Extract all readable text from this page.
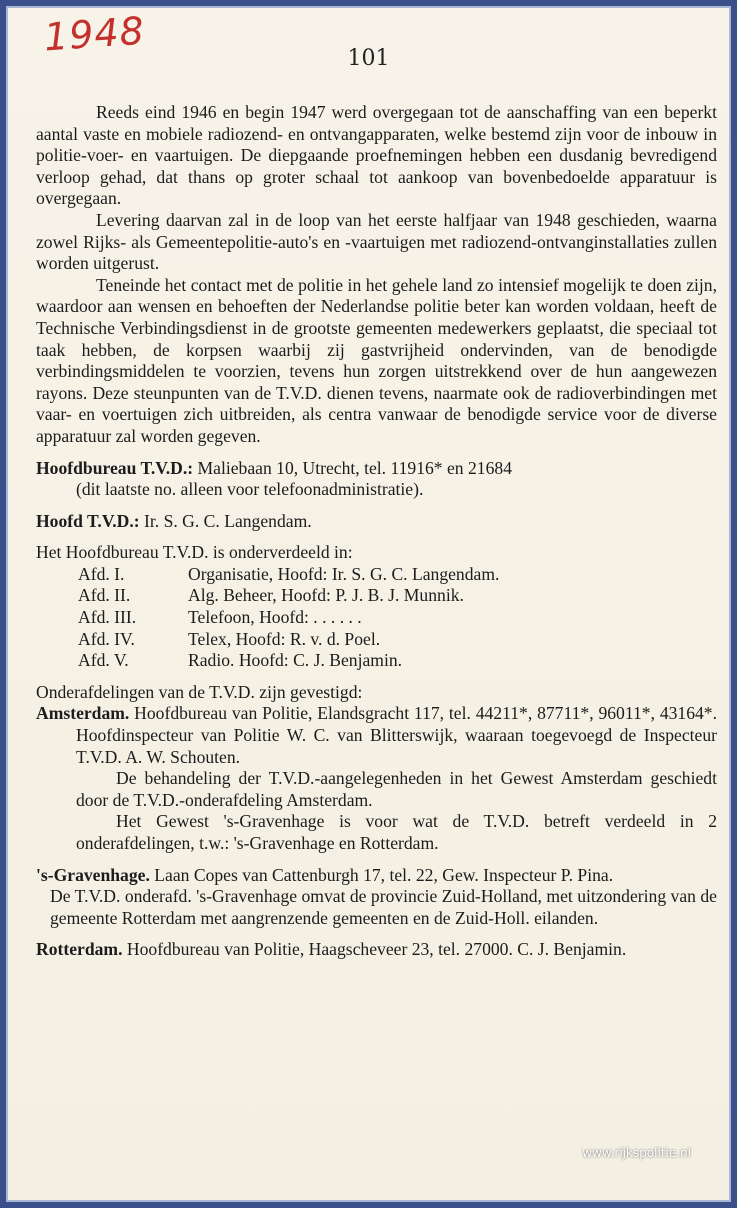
1948	101

Reeds eind 1946 en begin 1947 werd overgegaan tot de aanschaffing van een beperkt aantal vaste en mobiele radiozend- en ontvangapparaten, welke bestemd zijn voor de inbouw in politie-voer- en vaartuigen. De diepgaande proefnemingen hebben een dusdanig bevredigend verloop gehad, dat thans op groter schaal tot aankoop van bovenbedoelde apparatuur is overgegaan.

Levering daarvan zal in de loop van het eerste halfjaar van 1948 geschieden, waarna zowel Rijks- als Gemeentepolitie-auto's en -vaartuigen met radiozend-ontvanginstallaties zullen worden uitgerust.

Teneinde het contact met de politie in het gehele land zo intensief mogelijk te doen zijn, waardoor aan wensen en behoeften der Nederlandse politie beter kan worden voldaan, heeft de Technische Verbindingsdienst in de grootste gemeenten medewerkers geplaatst, die speciaal tot taak hebben, de korpsen waarbij zij gastvrijheid ondervinden, van de benodigde verbindingsmiddelen te voorzien, tevens hun zorgen uitstrekkend over de hun aangewezen rayons. Deze steunpunten van de T.V.D. dienen tevens, naarmate ook de radioverbindingen met vaar- en voertuigen zich uitbreiden, als centra vanwaar de benodigde service voor de diverse apparatuur zal worden gegeven.

Hoofdbureau T.V.D.: Maliebaan 10, Utrecht, tel. 11916* en 21684
(dit laatste no. alleen voor telefoonadministratie).

Hoofd T.V.D.: Ir. S. G. C. Langendam.

Het Hoofdbureau T.V.D. is onderverdeeld in:

Afd. I.	Organisatie, Hoofd: Ir. S. G. C. Langendam.
Afd. II.	Alg. Beheer, Hoofd: P. J. B. J. Munnik.
Afd. III.	Telefoon, Hoofd: . . . . . .
Afd. IV.	Telex, Hoofd: R. v. d. Poel.
Afd. V.	Radio. Hoofd: C. J. Benjamin.

Onderafdelingen van de T.V.D. zijn gevestigd:

Amsterdam. Hoofdbureau van Politie, Elandsgracht 117, tel. 44211*, 87711*, 96011*, 43164*. Hoofdinspecteur van Politie W. C. van Blitterswijk, waaraan toegevoegd de Inspecteur T.V.D. A. W. Schouten.

De behandeling der T.V.D.-aangelegenheden in het Gewest Amsterdam geschiedt door de T.V.D.-onderafdeling Amsterdam.

Het Gewest 's-Gravenhage is voor wat de T.V.D. betreft verdeeld in 2 onderafdelingen, t.w.: 's-Gravenhage en Rotterdam.

's-Gravenhage. Laan Copes van Cattenburgh 17, tel. 22, Gew. Inspecteur P. Pina.

De T.V.D. onderafd. 's-Gravenhage omvat de provincie Zuid-Holland, met uitzondering van de gemeente Rotterdam met aangrenzende gemeenten en de Zuid-Holl. eilanden.

Rotterdam. Hoofdbureau van Politie, Haagscheveer 23, tel. 27000. C. J. Benjamin.

www.rijkspolitie.nl
